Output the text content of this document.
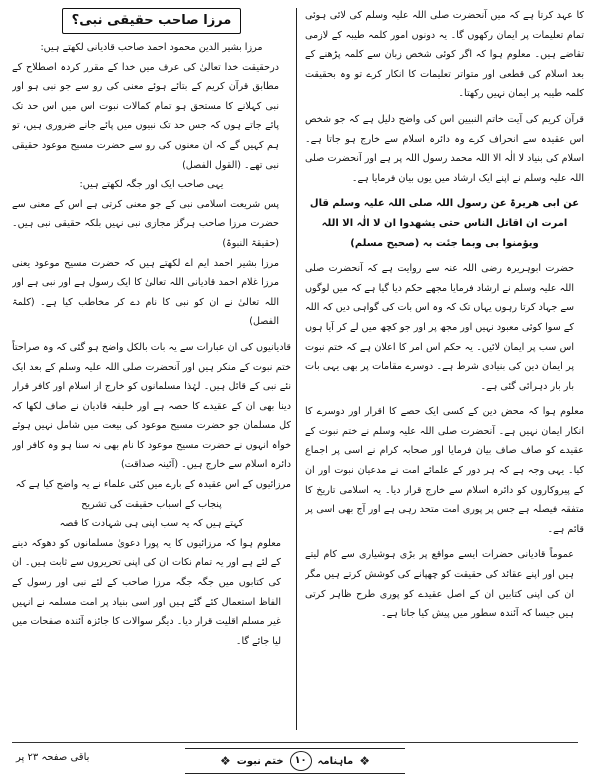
کا عہد کرتا ہے کہ میں آنحضرت صلی اللہ علیہ وسلم کی لائی ہوئی تمام تعلیمات پر ایمان رکھوں گا۔ یہ دونوں امور کلمہ طیبہ کے لازمی تقاضے ہیں۔ معلوم ہوا کہ اگر کوئی شخص زبان سے کلمہ پڑھنے کے بعد اسلام کی قطعی اور متواتر تعلیمات کا انکار کرے تو وہ بحقیقت کلمہ طیبہ پر ایمان نہیں رکھتا۔

قرآن کریم کی آیت خاتم النبیین اس کی واضح دلیل ہے کہ جو شخص اس عقیدہ سے انحراف کرے وہ دائرہ اسلام سے خارج ہو جاتا ہے۔ اسلام کی بنیاد لا الٰہ الا اللہ محمد رسول اللہ پر ہے اور آنحضرت صلی اللہ علیہ وسلم نے اپنے ایک ارشاد میں یوں بیان فرمایا ہے۔

عن ابی ھریرۃ عن رسول اللہ صلی اللہ علیہ وسلم قال امرت ان اقاتل الناس حتی یشھدوا ان لا الٰہ الا اللہ ویؤمنوا بی وبما جئت بہ (صحیح مسلم)

حضرت ابوہریرہ رضی اللہ عنہ سے روایت ہے کہ آنحضرت صلی اللہ علیہ وسلم نے ارشاد فرمایا مجھے حکم دیا گیا ہے کہ میں لوگوں سے جہاد کرتا رہوں یہاں تک کہ وہ اس بات کی گواہی دیں کہ اللہ کے سوا کوئی معبود نہیں اور مجھ پر اور جو کچھ میں لے کر آیا ہوں اس سب پر ایمان لائیں۔ یہ حکم اس امر کا اعلان ہے کہ ختم نبوت پر ایمان دین کی بنیادی شرط ہے۔ دوسرے مقامات پر بھی یہی بات بار بار دہرائی گئی ہے۔

معلوم ہوا کہ محض دین کے کسی ایک حصے کا اقرار اور دوسرے کا انکار ایمان نہیں ہے۔ آنحضرت صلی اللہ علیہ وسلم نے ختم نبوت کے عقیدے کو صاف صاف بیان فرمایا اور صحابہ کرام نے اسی پر اجماع کیا۔ یہی وجہ ہے کہ ہر دور کے علمائے امت نے مدعیان نبوت اور ان کے پیروکاروں کو دائرہ اسلام سے خارج قرار دیا۔ یہ اسلامی تاریخ کا متفقہ فیصلہ ہے جس پر پوری امت متحد رہی ہے اور آج بھی اسی پر قائم ہے۔

عموماً قادیانی حضرات ایسے مواقع پر بڑی ہوشیاری سے کام لیتے ہیں اور اپنے عقائد کی حقیقت کو چھپانے کی کوشش کرتے ہیں مگر ان کی اپنی کتابیں ان کے اصل عقیدے کو پوری طرح ظاہر کرتی ہیں جیسا کہ آئندہ سطور میں پیش کیا جاتا ہے۔

مرزا صاحب حقیقی نبی؟

مرزا بشیر الدین محمود احمد صاحب قادیانی لکھتے ہیں:

درحقیقت خدا تعالیٰ کی عرف میں خدا کے مقرر کردہ اصطلاح کے مطابق قرآن کریم کے بتائے ہوئے معنی کی رو سے جو نبی ہو اور نبی کہلانے کا مستحق ہو تمام کمالات نبوت اس میں اس حد تک پائے جاتے ہوں کہ جس حد تک نبیوں میں پائے جانے ضروری ہیں، تو ہم کہیں گے کہ ان معنوں کی رو سے حضرت مسیح موعود حقیقی نبی تھے۔ (القول الفصل)

یہی صاحب ایک اور جگہ لکھتے ہیں:

پس شریعت اسلامی نبی کے جو معنی کرتی ہے اس کے معنی سے حضرت مرزا صاحب ہرگز مجازی نبی نہیں بلکہ حقیقی نبی ہیں۔ (حقیقۃ النبوۃ)

مرزا بشیر احمد ایم اے لکھتے ہیں کہ حضرت مسیح موعود یعنی مرزا غلام احمد قادیانی اللہ تعالیٰ کا ایک رسول ہے اور نبی ہے اور اللہ تعالیٰ نے ان کو نبی کا نام دے کر مخاطب کیا ہے۔ (کلمۃ الفصل)

قادیانیوں کی ان عبارات سے یہ بات بالکل واضح ہو گئی کہ وہ صراحتاً ختم نبوت کے منکر ہیں اور آنحضرت صلی اللہ علیہ وسلم کے بعد ایک نئے نبی کے قائل ہیں۔ لہٰذا مسلمانوں کو خارج از اسلام اور کافر قرار دینا بھی ان کے عقیدے کا حصہ ہے اور خلیفہ قادیان نے صاف لکھا کہ کل مسلمان جو حضرت مسیح موعود کی بیعت میں شامل نہیں ہوئے خواہ انہوں نے حضرت مسیح موعود کا نام بھی نہ سنا ہو وہ کافر اور دائرہ اسلام سے خارج ہیں۔ (آئینہ صداقت)

مرزائیوں کے اس عقیدہ کے بارے میں کئی علماء نے یہ واضح کیا ہے کہ

پنجاب کے اسباب حقیقت کی تشریح

کہتے ہیں کہ یہ سب اپنی ہی شہادت کا قصہ

معلوم ہوا کہ مرزائیوں کا یہ پورا دعویٰ مسلمانوں کو دھوکہ دینے کے لئے ہے اور یہ تمام نکات ان کی اپنی تحریروں سے ثابت ہیں۔ ان کی کتابوں میں جگہ جگہ مرزا صاحب کے لئے نبی اور رسول کے الفاظ استعمال کئے گئے ہیں اور اسی بنیاد پر امت مسلمہ نے انہیں غیر مسلم اقلیت قرار دیا۔ دیگر سوالات کا جائزہ آئندہ صفحات میں لیا جائے گا۔

باقی صفحہ ۲۳ پر	❖
ماہنامہ
۱۰
ختم نبوت
❖
